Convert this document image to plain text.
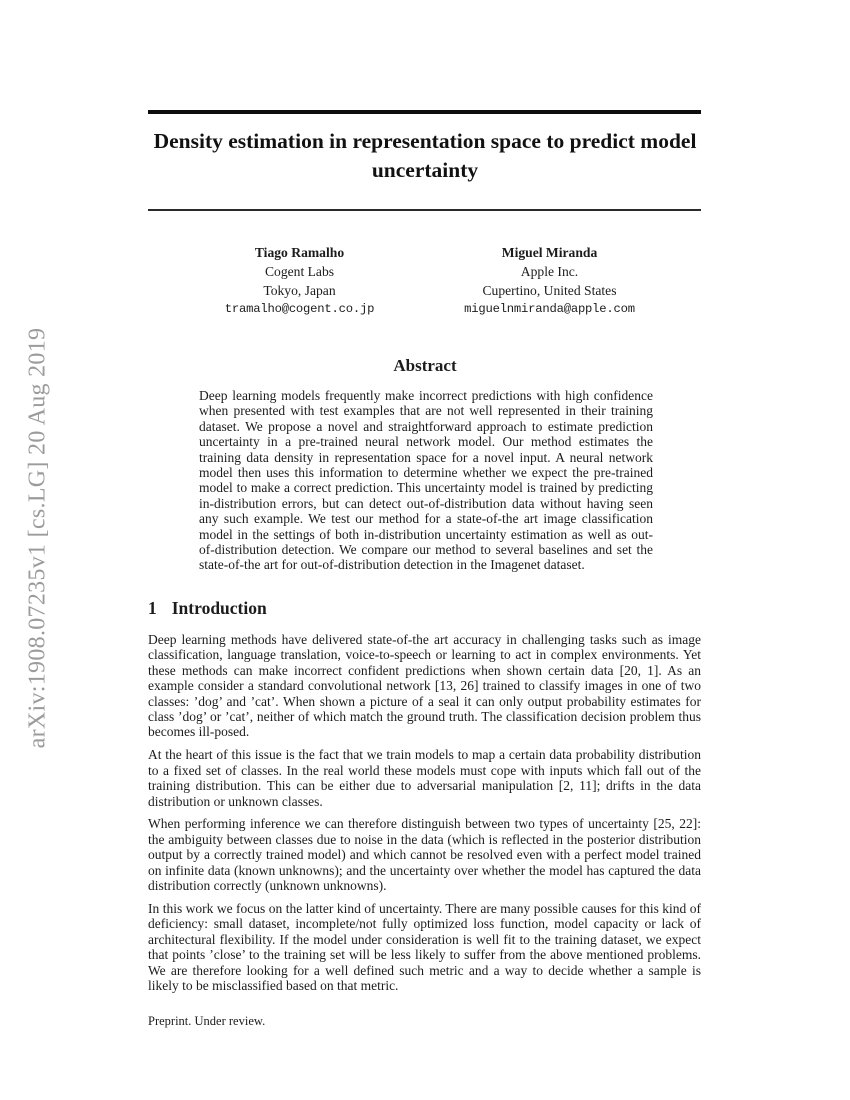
arXiv:1908.07235v1 [cs.LG] 20 Aug 2019
Density estimation in representation space to predict model uncertainty
Tiago Ramalho
Cogent Labs
Tokyo, Japan
tramalho@cogent.co.jp
Miguel Miranda
Apple Inc.
Cupertino, United States
miguelnmiranda@apple.com
Abstract
Deep learning models frequently make incorrect predictions with high confidence when presented with test examples that are not well represented in their training dataset. We propose a novel and straightforward approach to estimate prediction uncertainty in a pre-trained neural network model. Our method estimates the training data density in representation space for a novel input. A neural network model then uses this information to determine whether we expect the pre-trained model to make a correct prediction. This uncertainty model is trained by predicting in-distribution errors, but can detect out-of-distribution data without having seen any such example. We test our method for a state-of-the art image classification model in the settings of both in-distribution uncertainty estimation as well as out-of-distribution detection. We compare our method to several baselines and set the state-of-the art for out-of-distribution detection in the Imagenet dataset.
1 Introduction

Deep learning methods have delivered state-of-the art accuracy in challenging tasks such as image classification, language translation, voice-to-speech or learning to act in complex environments. Yet these methods can make incorrect confident predictions when shown certain data [20, 1]. As an example consider a standard convolutional network [13, 26] trained to classify images in one of two classes: ’dog’ and ’cat’. When shown a picture of a seal it can only output probability estimates for class ’dog’ or ’cat’, neither of which match the ground truth. The classification decision problem thus becomes ill-posed.

At the heart of this issue is the fact that we train models to map a certain data probability distribution to a fixed set of classes. In the real world these models must cope with inputs which fall out of the training distribution. This can be either due to adversarial manipulation [2, 11]; drifts in the data distribution or unknown classes.

When performing inference we can therefore distinguish between two types of uncertainty [25, 22]: the ambiguity between classes due to noise in the data (which is reflected in the posterior distribution output by a correctly trained model) and which cannot be resolved even with a perfect model trained on infinite data (known unknowns); and the uncertainty over whether the model has captured the data distribution correctly (unknown unknowns).

In this work we focus on the latter kind of uncertainty. There are many possible causes for this kind of deficiency: small dataset, incomplete/not fully optimized loss function, model capacity or lack of architectural flexibility. If the model under consideration is well fit to the training dataset, we expect that points ’close’ to the training set will be less likely to suffer from the above mentioned problems. We are therefore looking for a well defined such metric and a way to decide whether a sample is likely to be misclassified based on that metric.

Preprint. Under review.
